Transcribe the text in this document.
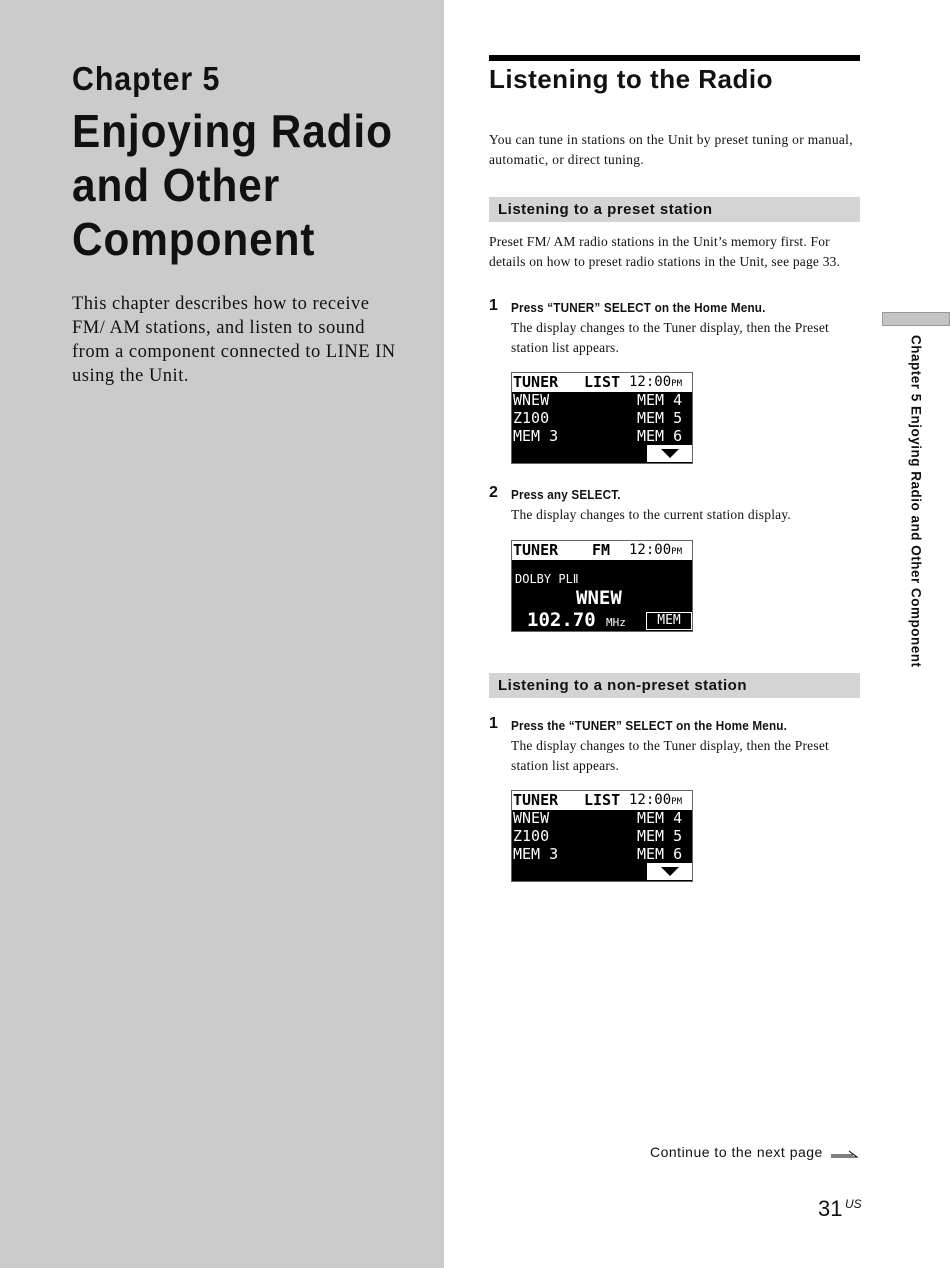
Chapter 5
Enjoying Radio and Other Component
This chapter describes how to receive FM/ AM stations, and listen to sound from a component connected to LINE IN using the Unit.
Listening to the Radio
You can tune in stations on the Unit by preset tuning or manual, automatic, or direct tuning.
Listening to a preset station
Preset FM/ AM radio stations in the Unit’s memory first. For details on how to preset radio stations in the Unit, see page 33.
1 Press “TUNER” SELECT on the Home Menu.
The display changes to the Tuner display, then the Preset station list appears.
TUNER LIST 12:00PM
WNEW
Z100
MEM 3
MEM 4
MEM 5
MEM 6
2 Press any SELECT.
The display changes to the current station display.
TUNER FM 12:00PM
DOLBY PLⅡ
WNEW
102.70 MHz	MEM
Listening to a non-preset station
1 Press the “TUNER” SELECT on the Home Menu.
The display changes to the Tuner display, then the Preset station list appears.
TUNER LIST 12:00PM
WNEW
Z100
MEM 3
MEM 4
MEM 5
MEM 6
Chapter 5 Enjoying Radio and Other Component
Continue to the next page
31 US
